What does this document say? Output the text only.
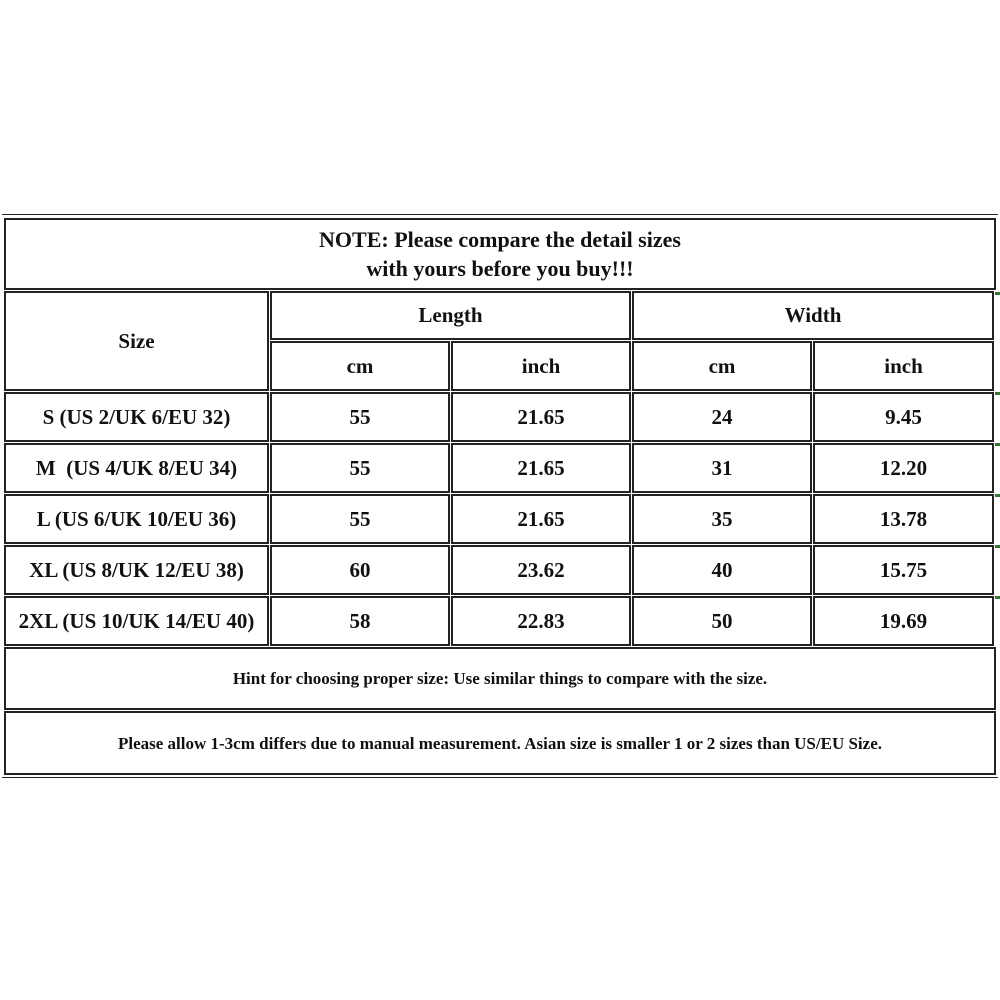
NOTE: Please compare the detail sizes
with yours before you buy!!!
Size
Length	Width
cm	inch	cm	inch
S (US 2/UK 6/EU 32)	55	21.65	24	9.45
M  (US 4/UK 8/EU 34)	55	21.65	31	12.20
L (US 6/UK 10/EU 36)	55	21.65	35	13.78
XL (US 8/UK 12/EU 38)	60	23.62	40	15.75
2XL (US 10/UK 14/EU 40)	58	22.83	50	19.69
Hint for choosing proper size: Use similar things to compare with the size.
Please allow 1-3cm differs due to manual measurement. Asian size is smaller 1 or 2 sizes than US/EU Size.
